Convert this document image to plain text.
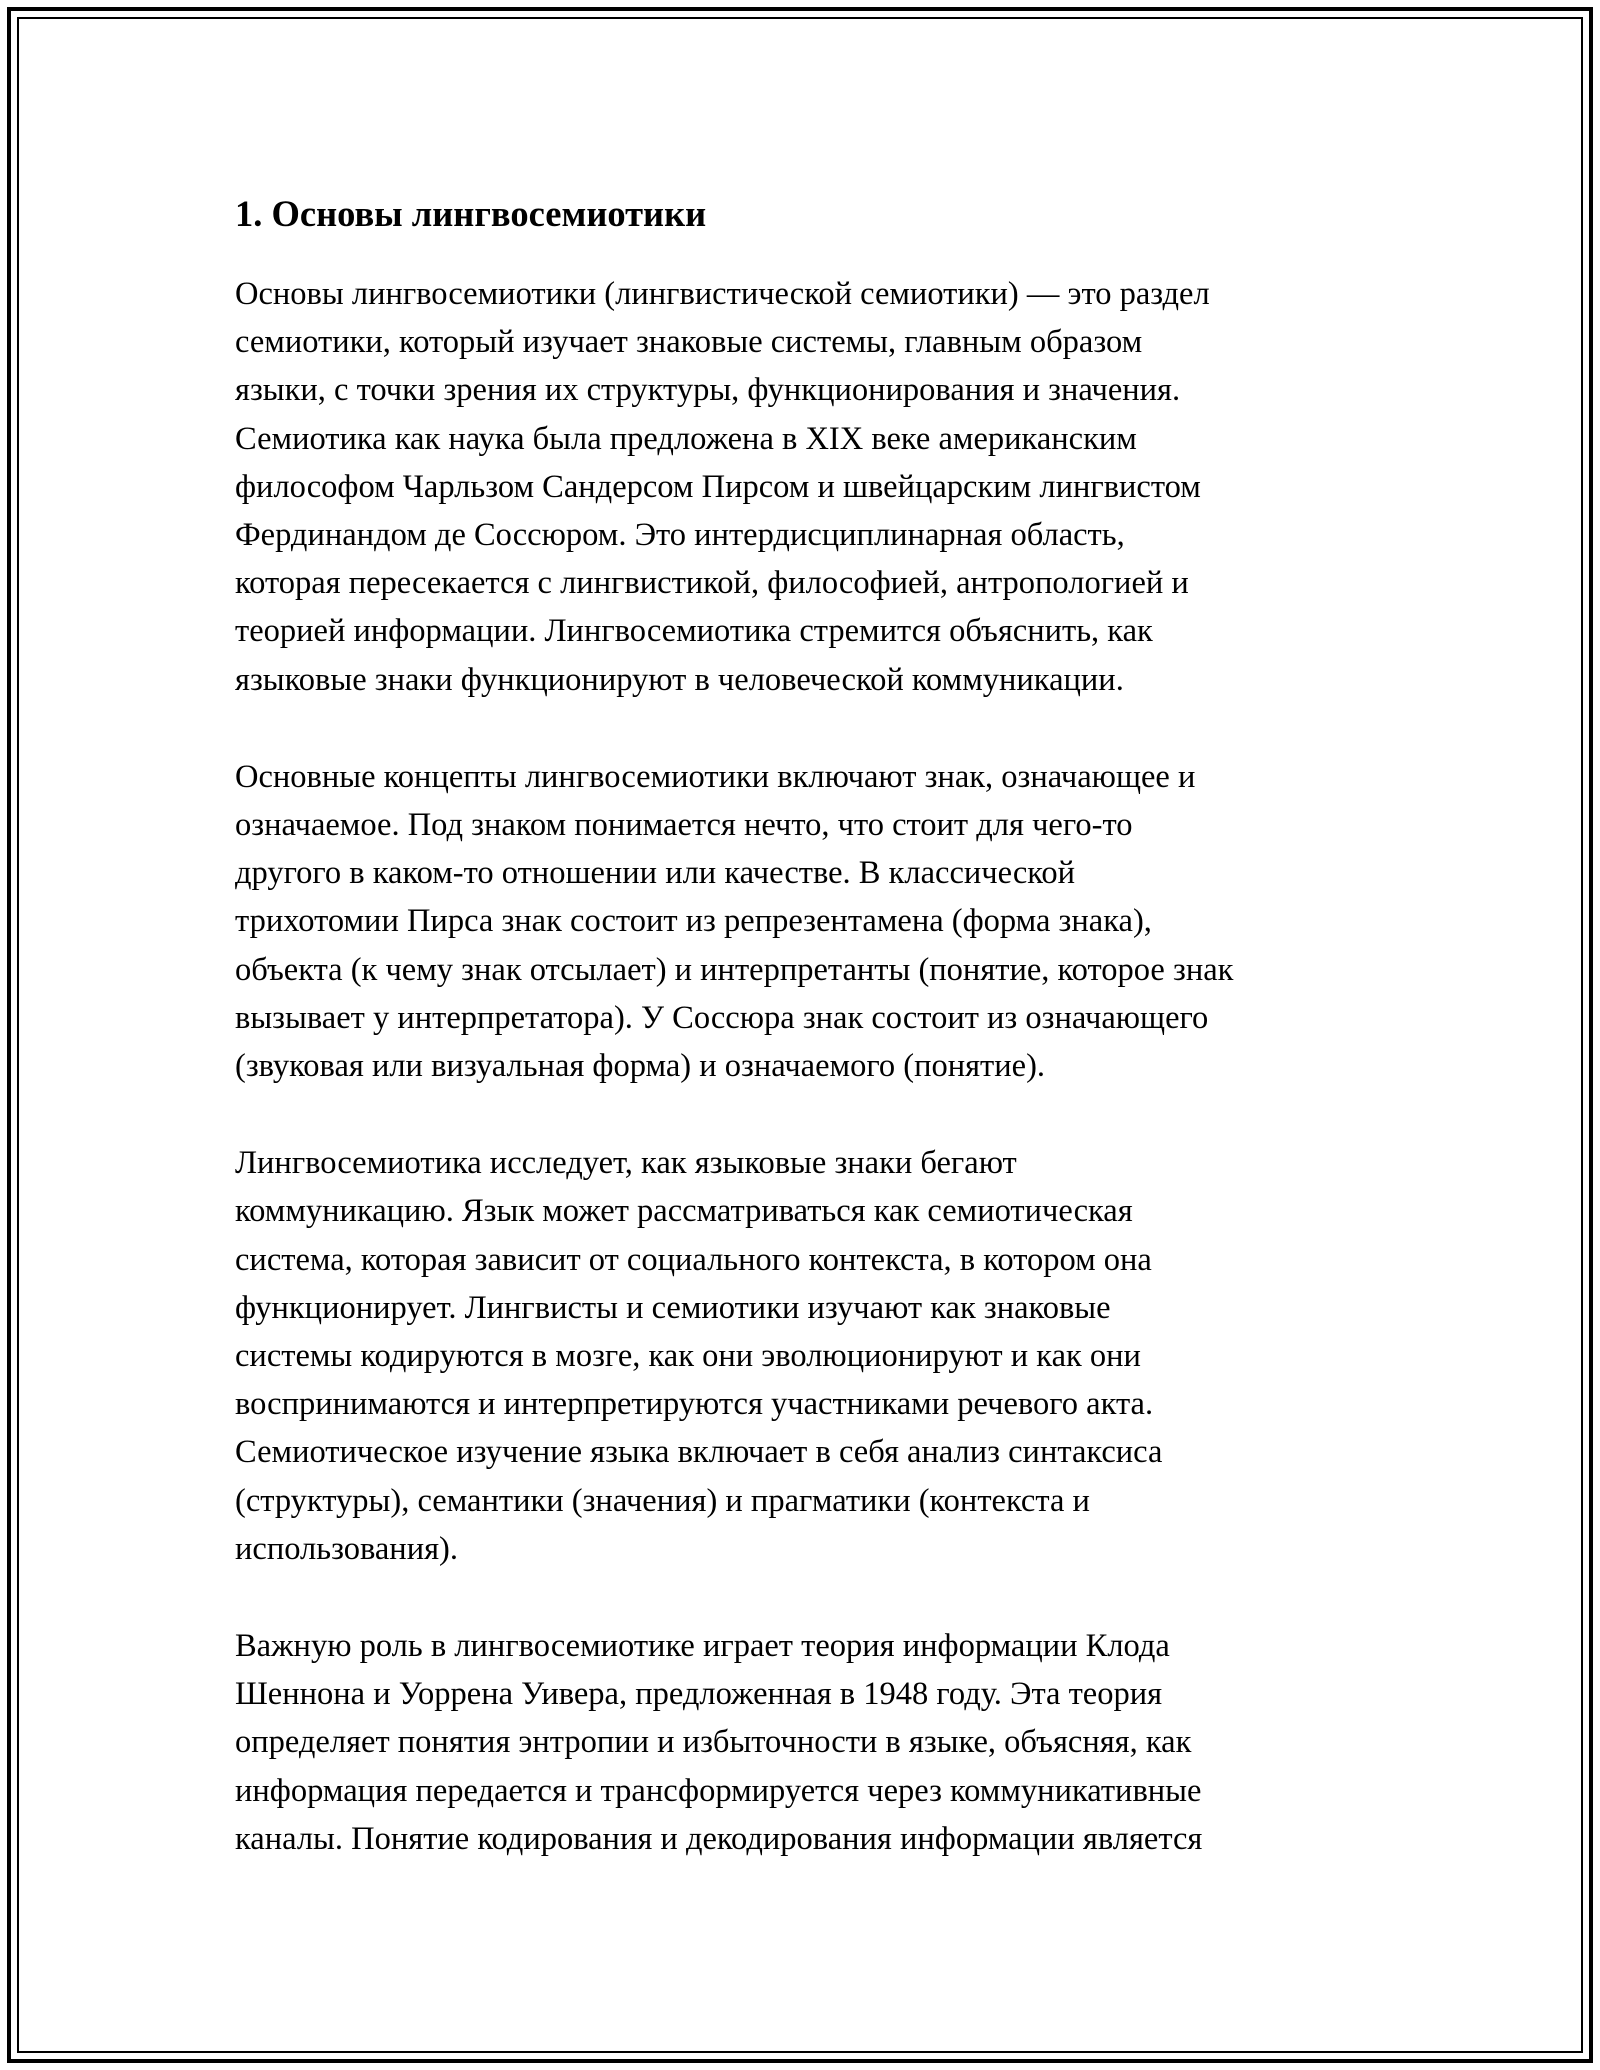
1. Основы лингвосемиотики

Основы лингвосемиотики (лингвистической семиотики) — это раздел
семиотики, который изучает знаковые системы, главным образом
языки, с точки зрения их структуры, функционирования и значения.
Семиотика как наука была предложена в XIX веке американским
философом Чарльзом Сандерсом Пирсом и швейцарским лингвистом
Фердинандом де Соссюром. Это интердисциплинарная область,
которая пересекается с лингвистикой, философией, антропологией и
теорией информации. Лингвосемиотика стремится объяснить, как
языковые знаки функционируют в человеческой коммуникации.

Основные концепты лингвосемиотики включают знак, означающее и
означаемое. Под знаком понимается нечто, что стоит для чего-то
другого в каком-то отношении или качестве. В классической
трихотомии Пирса знак состоит из репрезентамена (форма знака),
объекта (к чему знак отсылает) и интерпретанты (понятие, которое знак
вызывает у интерпретатора). У Соссюра знак состоит из означающего
(звуковая или визуальная форма) и означаемого (понятие).

Лингвосемиотика исследует, как языковые знаки бегают
коммуникацию. Язык может рассматриваться как семиотическая
система, которая зависит от социального контекста, в котором она
функционирует. Лингвисты и семиотики изучают как знаковые
системы кодируются в мозге, как они эволюционируют и как они
воспринимаются и интерпретируются участниками речевого акта.
Семиотическое изучение языка включает в себя анализ синтаксиса
(структуры), семантики (значения) и прагматики (контекста и
использования).

Важную роль в лингвосемиотике играет теория информации Клода
Шеннона и Уоррена Уивера, предложенная в 1948 году. Эта теория
определяет понятия энтропии и избыточности в языке, объясняя, как
информация передается и трансформируется через коммуникативные
каналы. Понятие кодирования и декодирования информации является
